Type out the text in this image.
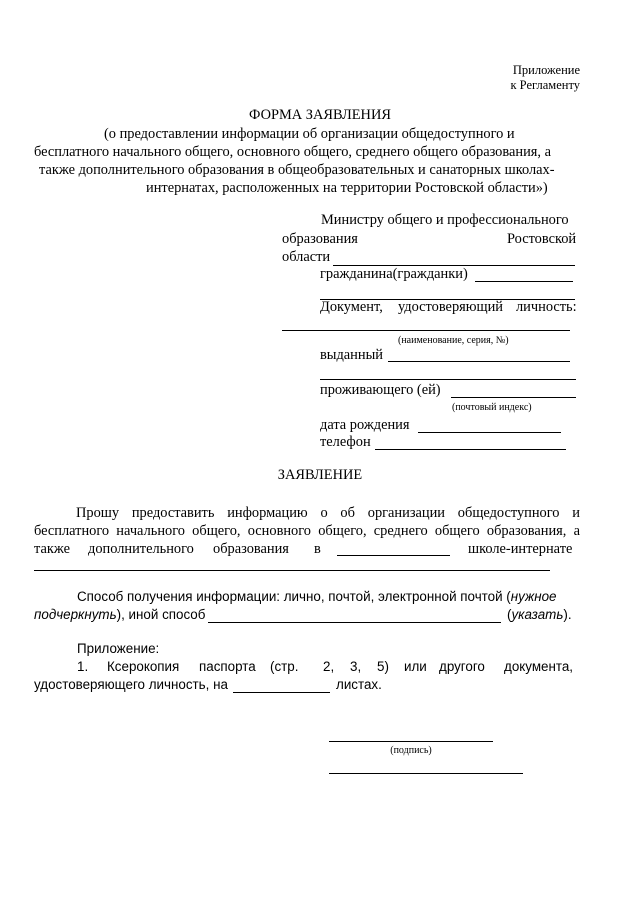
Приложение
к Регламенту
ФОРМА ЗАЯВЛЕНИЯ
(о предоставлении информации об организации общедоступного и
бесплатного начального общего, основного общего, среднего общего образования, а
также дополнительного образования в общеобразовательных и санаторных школах-
интернатах, расположенных на территории Ростовской области»)
Министру общего и профессионального
образования	Ростовской
области
гражданина(гражданки)
Документ, удостоверяющий личность:
(наименование, серия, №)
выданный
проживающего (ей)
(почтовый индекс)
дата рождения
телефон
ЗАЯВЛЕНИЕ
Прошу предоставить информацию о об организации общедоступного и
бесплатного начального общего, основного общего, среднего общего образования, а
также дополнительного образования в	школе-интернате
Способ получения информации: лично, почтой, электронной почтой (нужное
подчеркнуть), иной способ	(указать).
Приложение:
1. Ксерокопия паспорта (стр. 2, 3, 5) или другого документа,
удостоверяющего личность, на	листах.
(подпись)
